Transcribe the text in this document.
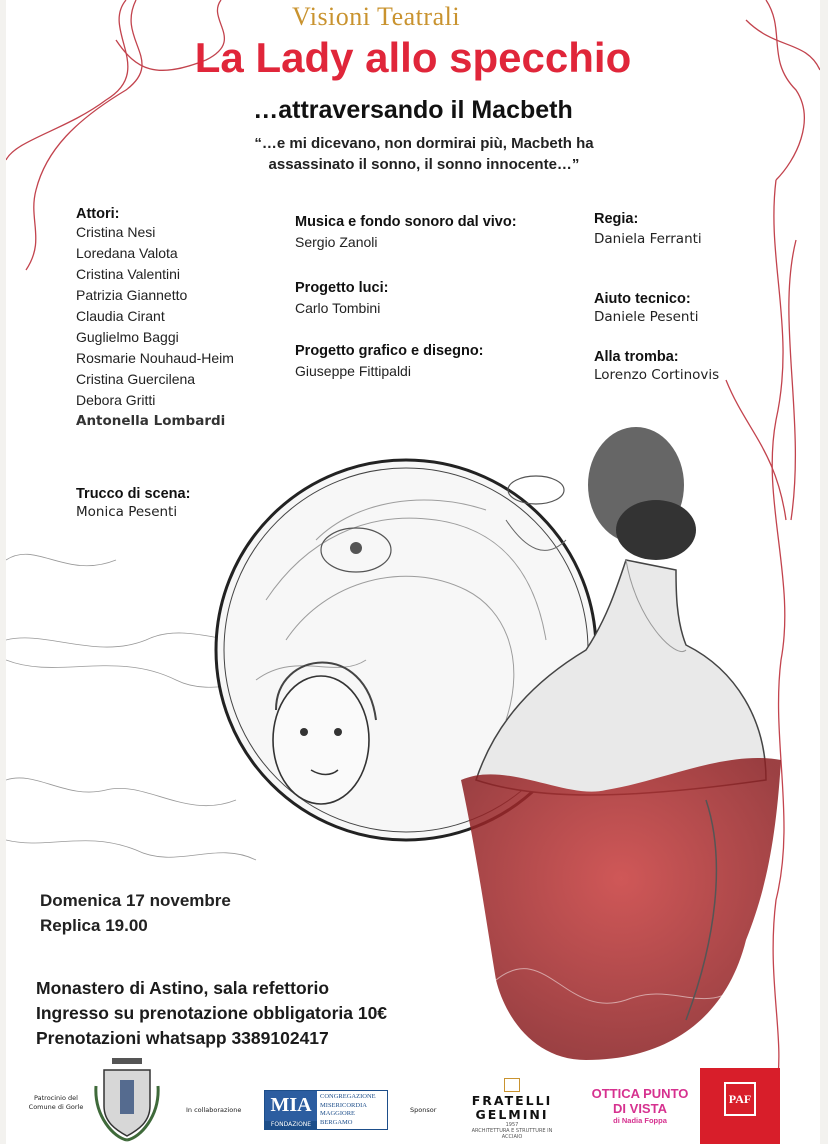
Visioni Teatrali
La Lady allo specchio
…attraversando il Macbeth
“…e mi dicevano, non dormirai più, Macbeth ha
assassinato il sonno, il sonno innocente…”
Attori:
Cristina Nesi
Loredana Valota
Cristina Valentini
Patrizia Giannetto
Claudia Cirant
Guglielmo Baggi
Rosmarie Nouhaud-Heim
Cristina Guercilena
Debora Gritti
Antonella Lombardi
Trucco di scena:
Monica Pesenti
Musica e fondo sonoro dal vivo:
Sergio Zanoli
Progetto luci:
Carlo Tombini
Progetto grafico e disegno:
Giuseppe Fittipaldi
Regia:
Daniela Ferranti
Aiuto tecnico:
Daniele Pesenti
Alla tromba:
Lorenzo Cortinovis
Domenica 17 novembre
Replica 19.00
Monastero di Astino, sala refettorio
Ingresso su prenotazione obbligatoria 10€
Prenotazioni whatsapp 3389102417
Patrocinio del
Comune di Gorle	In collaborazione MIA
FONDAZIONE
CONGREGAZIONE
MISERICORDIA
MAGGIORE
BERGAMO
Sponsor
FRATELLI
GELMINI
1957
ARCHITETTURA E STRUTTURE IN ACCIAIO
OTTICA PUNTO
DI VISTA
di Nadia Foppa
PAF
